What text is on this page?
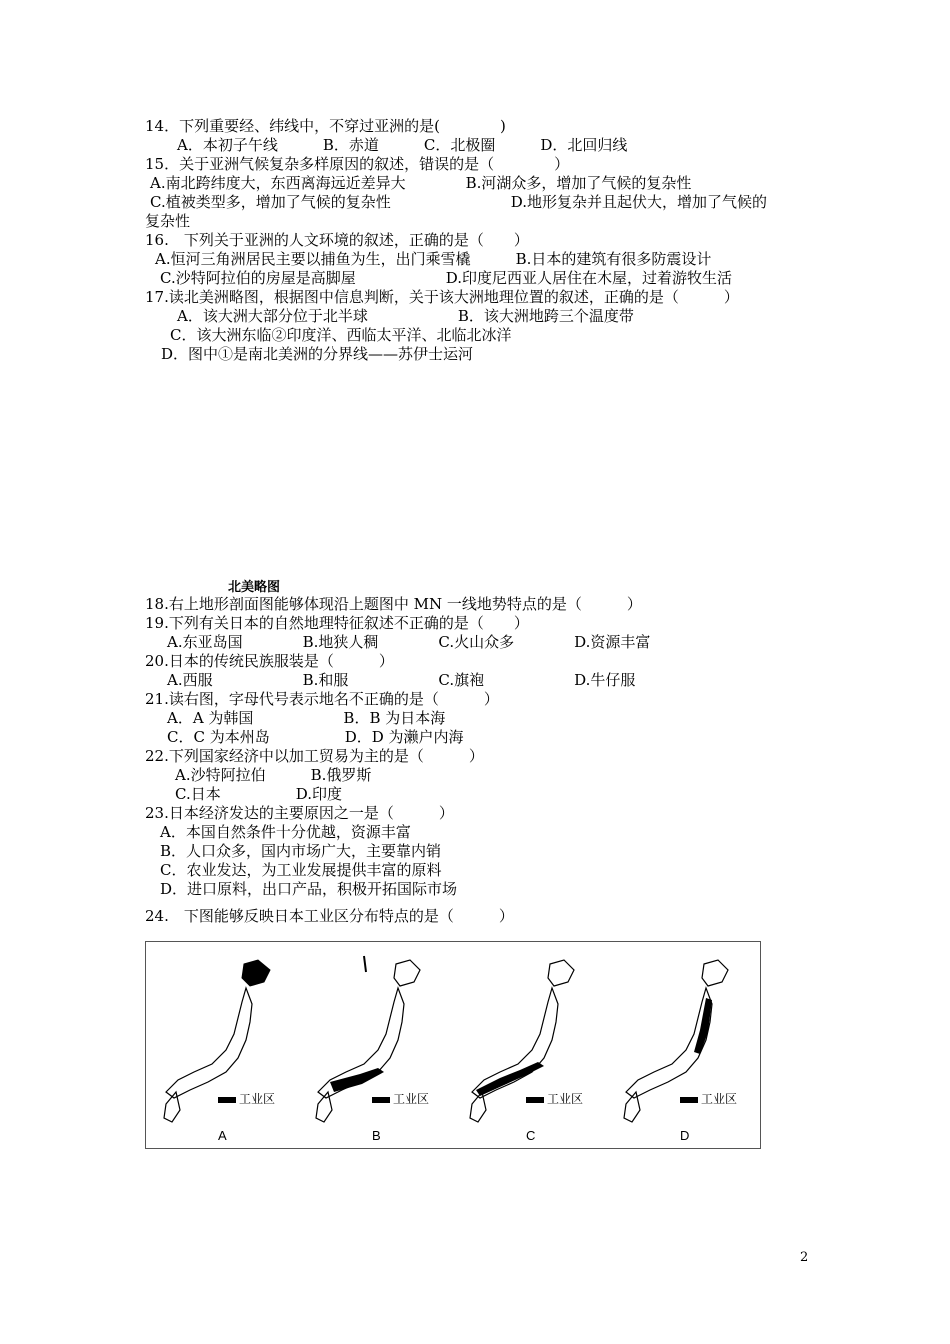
14．下列重要经、纬线中，不穿过亚洲的是(　　　　)
A．本初子午线　　　B．赤道　　　C．北极圈　　　D．北回归线
15．关于亚洲气候复杂多样原因的叙述，错误的是（　　　　）
A.南北跨纬度大，东西离海远近差异大　　　　B.河湖众多，增加了气候的复杂性
C.植被类型多，增加了气候的复杂性　　　　　　　　D.地形复杂并且起伏大，增加了气候的
复杂性
16.　下列关于亚洲的人文环境的叙述，正确的是（　　）
A.恒河三角洲居民主要以捕鱼为生，出门乘雪橇　　　B.日本的建筑有很多防震设计
C.沙特阿拉伯的房屋是高脚屋　　　　　　D.印度尼西亚人居住在木屋，过着游牧生活
17.读北美洲略图，根据图中信息判断，关于该大洲地理位置的叙述，正确的是（　　　）
A．该大洲大部分位于北半球　　　　　　B．该大洲地跨三个温度带
C．该大洲东临②印度洋、西临太平洋、北临北冰洋
D．图中①是南北美洲的分界线——苏伊士运河
北美略图
18.右上地形剖面图能够体现沿上题图中 MN 一线地势特点的是（　　　）
19.下列有关日本的自然地理特征叙述不正确的是（　　）
A.东亚岛国　　　　B.地狭人稠　　　　C.火山众多　　　　D.资源丰富
20.日本的传统民族服装是（　　　）
A.西服　　　　　　B.和服　　　　　　C.旗袍　　　　　　D.牛仔服
21.读右图，字母代号表示地名不正确的是（　　　）
A．A 为韩国　　　　　　B．B 为日本海
C．C 为本州岛　　　　　D．D 为濑户内海
22.下列国家经济中以加工贸易为主的是（　　　）
A.沙特阿拉伯　　　B.俄罗斯
C.日本　　　　　D.印度
23.日本经济发达的主要原因之一是（　　　）
A．本国自然条件十分优越，资源丰富
B．人口众多，国内市场广大，主要靠内销
C．农业发达，为工业发展提供丰富的原料
D．进口原料，出口产品，积极开拓国际市场
24.　下图能够反映日本工业区分布特点的是（　　　）
工业区
A
工业区
B
工业区
C
工业区
D
2
